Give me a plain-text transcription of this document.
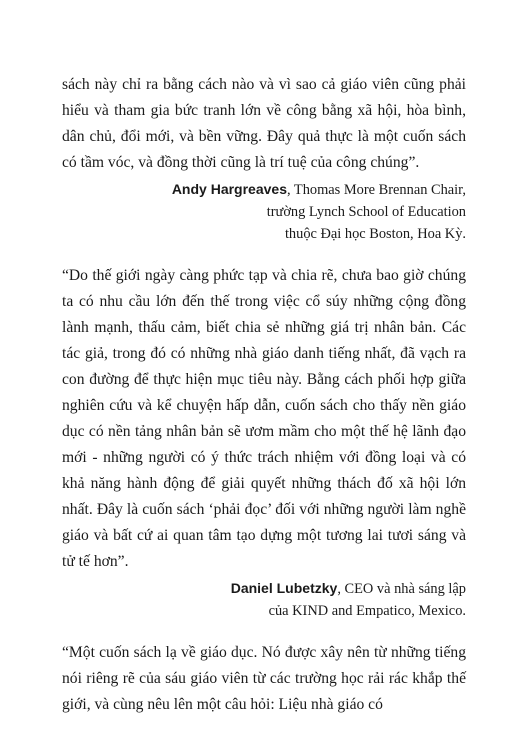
sách này chỉ ra bằng cách nào và vì sao cả giáo viên cũng phải hiểu và tham gia bức tranh lớn về công bằng xã hội, hòa bình, dân chủ, đổi mới, và bền vững. Đây quả thực là một cuốn sách có tầm vóc, và đồng thời cũng là trí tuệ của công chúng”.

Andy Hargreaves, Thomas More Brennan Chair,
trường Lynch School of Education
thuộc Đại học Boston, Hoa Kỳ.

“Do thế giới ngày càng phức tạp và chia rẽ, chưa bao giờ chúng ta có nhu cầu lớn đến thế trong việc cổ súy những cộng đồng lành mạnh, thấu cảm, biết chia sẻ những giá trị nhân bản. Các tác giả, trong đó có những nhà giáo danh tiếng nhất, đã vạch ra con đường để thực hiện mục tiêu này. Bằng cách phối hợp giữa nghiên cứu và kể chuyện hấp dẫn, cuốn sách cho thấy nền giáo dục có nền tảng nhân bản sẽ ươm mầm cho một thế hệ lãnh đạo mới - những người có ý thức trách nhiệm với đồng loại và có khả năng hành động để giải quyết những thách đố xã hội lớn nhất. Đây là cuốn sách ‘phải đọc’ đối với những người làm nghề giáo và bất cứ ai quan tâm tạo dựng một tương lai tươi sáng và tử tế hơn”.

Daniel Lubetzky, CEO và nhà sáng lập
của KIND and Empatico, Mexico.

“Một cuốn sách lạ về giáo dục. Nó được xây nên từ những tiếng nói riêng rẽ của sáu giáo viên từ các trường học rải rác khắp thế giới, và cùng nêu lên một câu hỏi: Liệu nhà giáo có
